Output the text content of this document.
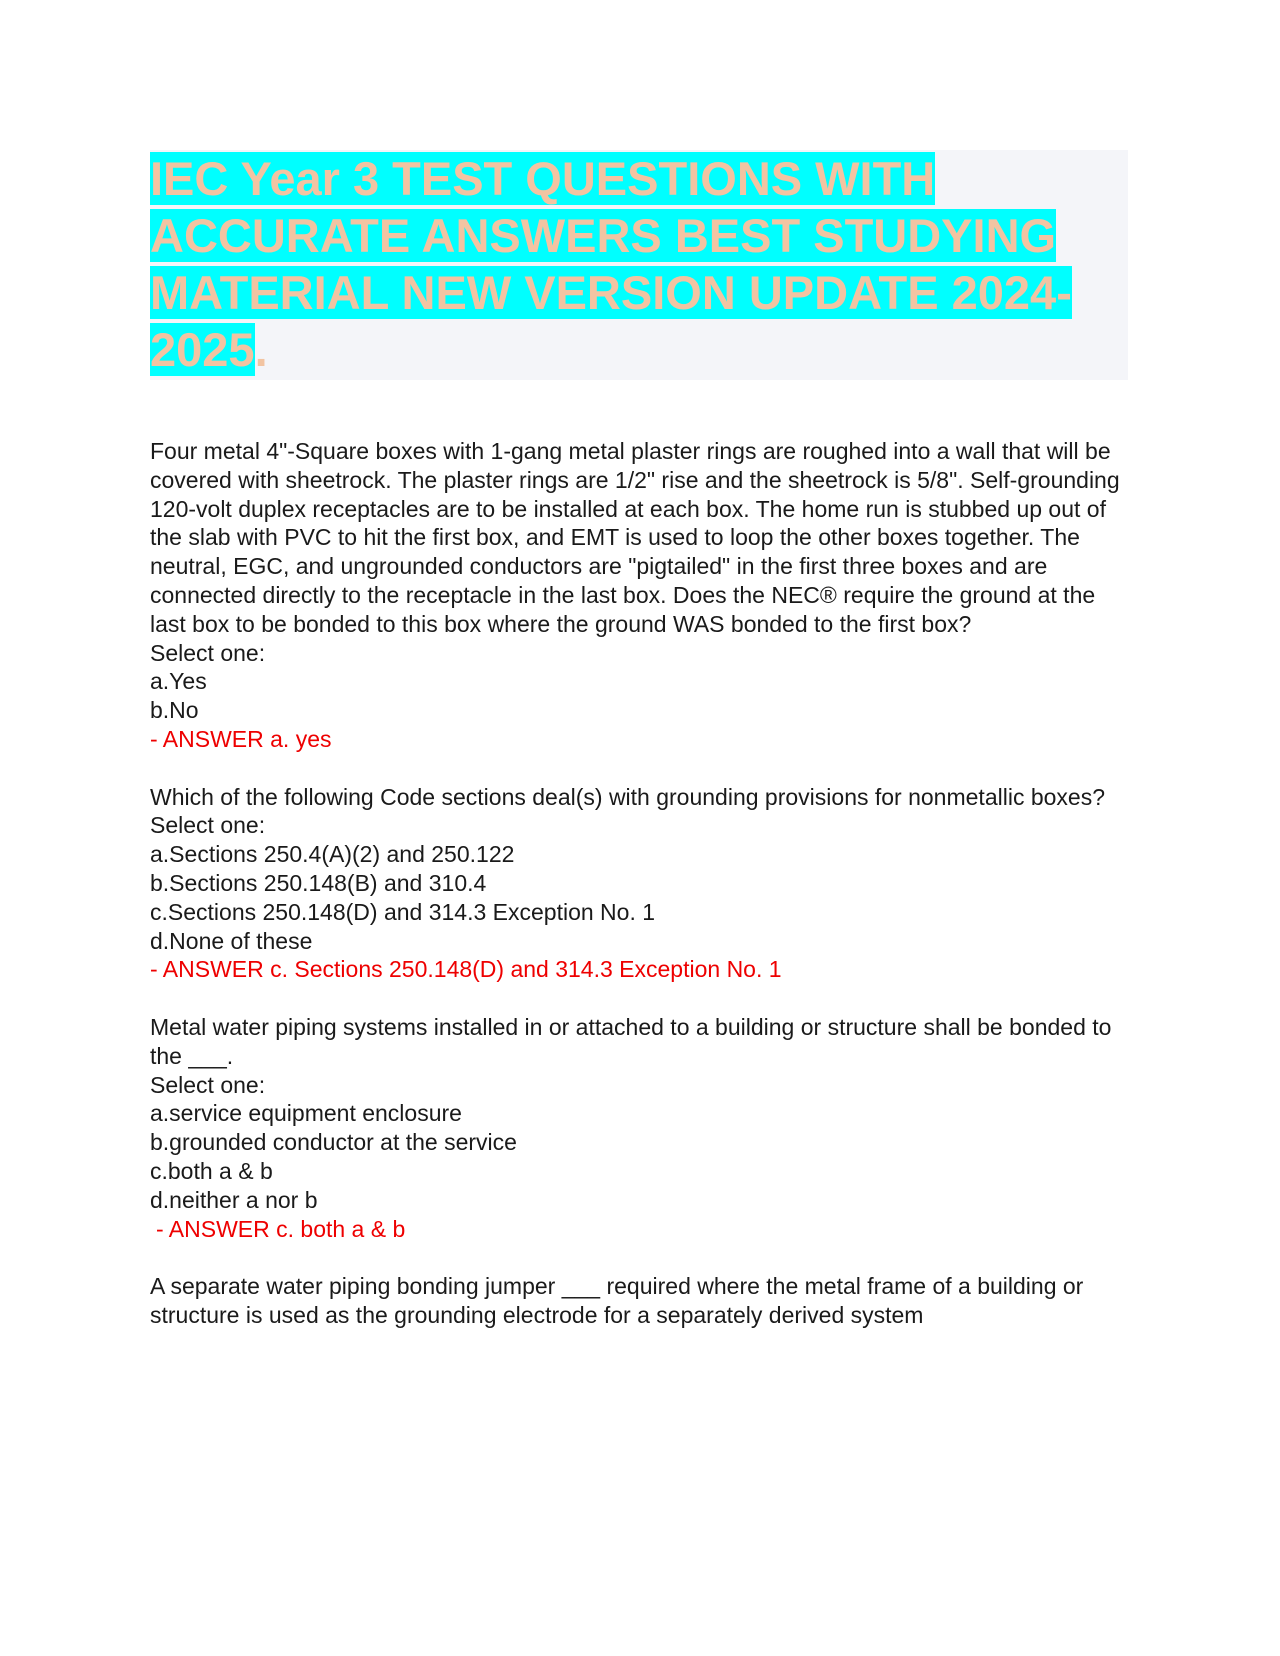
IEC Year 3 TEST QUESTIONS WITH ACCURATE ANSWERS BEST STUDYING MATERIAL NEW VERSION UPDATE 2024-2025.

Four metal 4"-Square boxes with 1-gang metal plaster rings are roughed into a wall that will be covered with sheetrock. The plaster rings are 1/2" rise and the sheetrock is 5/8". Self-grounding 120-volt duplex receptacles are to be installed at each box. The home run is stubbed up out of the slab with PVC to hit the first box, and EMT is used to loop the other boxes together. The neutral, EGC, and ungrounded conductors are "pigtailed" in the first three boxes and are connected directly to the receptacle in the last box. Does the NEC® require the ground at the last box to be bonded to this box where the ground WAS bonded to the first box?

Select one:

a.Yes

b.No

- ANSWER a. yes

Which of the following Code sections deal(s) with grounding provisions for nonmetallic boxes?

Select one:

a.Sections 250.4(A)(2) and 250.122

b.Sections 250.148(B) and 310.4

c.Sections 250.148(D) and 314.3 Exception No. 1

d.None of these

- ANSWER c. Sections 250.148(D) and 314.3 Exception No. 1

Metal water piping systems installed in or attached to a building or structure shall be bonded to the ___.

Select one:

a.service equipment enclosure

b.grounded conductor at the service

c.both a & b

d.neither a nor b

- ANSWER c. both a & b

A separate water piping bonding jumper ___ required where the metal frame of a building or structure is used as the grounding electrode for a separately derived system
